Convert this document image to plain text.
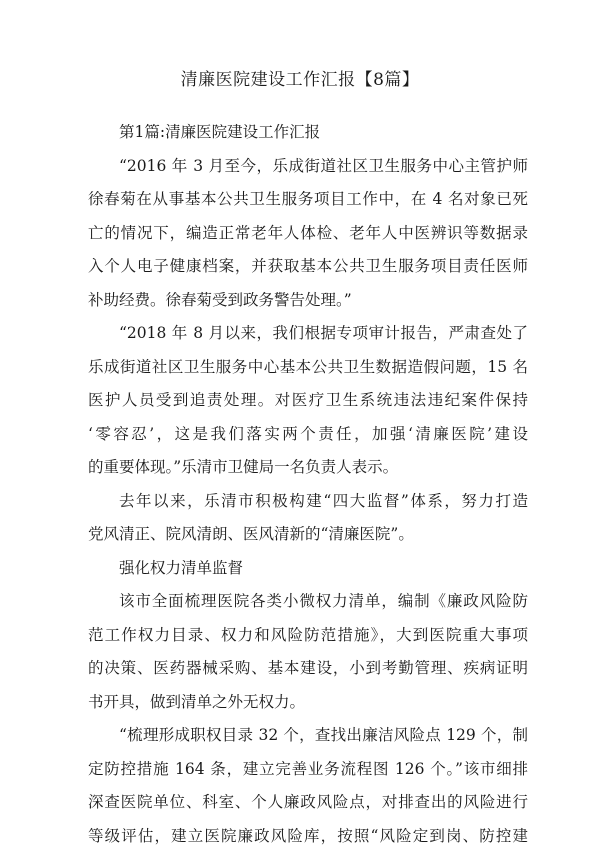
清廉医院建设工作汇报【8篇】
第1篇:清廉医院建设工作汇报
“2016 年 3 月至今，乐成街道社区卫生服务中心主管护师
徐春菊在从事基本公共卫生服务项目工作中，在 4 名对象已死
亡的情况下，编造正常老年人体检、老年人中医辨识等数据录
入个人电子健康档案，并获取基本公共卫生服务项目责任医师
补助经费。徐春菊受到政务警告处理。”
“2018 年 8 月以来，我们根据专项审计报告，严肃查处了
乐成街道社区卫生服务中心基本公共卫生数据造假问题，15 名
医护人员受到追责处理。对医疗卫生系统违法违纪案件保持
‘零容忍’，这是我们落实两个责任，加强‘清廉医院’建设
的重要体现。”乐清市卫健局一名负责人表示。
去年以来，乐清市积极构建“四大监督”体系，努力打造
党风清正、院风清朗、医风清新的“清廉医院”。
强化权力清单监督
该市全面梳理医院各类小微权力清单，编制《廉政风险防
范工作权力目录、权力和风险防范措施》，大到医院重大事项
的决策、医药器械采购、基本建设，小到考勤管理、疾病证明
书开具，做到清单之外无权力。
“梳理形成职权目录 32 个，查找出廉洁风险点 129 个，制
定防控措施 164 条，建立完善业务流程图 126 个。”该市细排
深查医院单位、科室、个人廉政风险点，对排查出的风险进行
等级评估，建立医院廉政风险库，按照“风险定到岗、防控建
